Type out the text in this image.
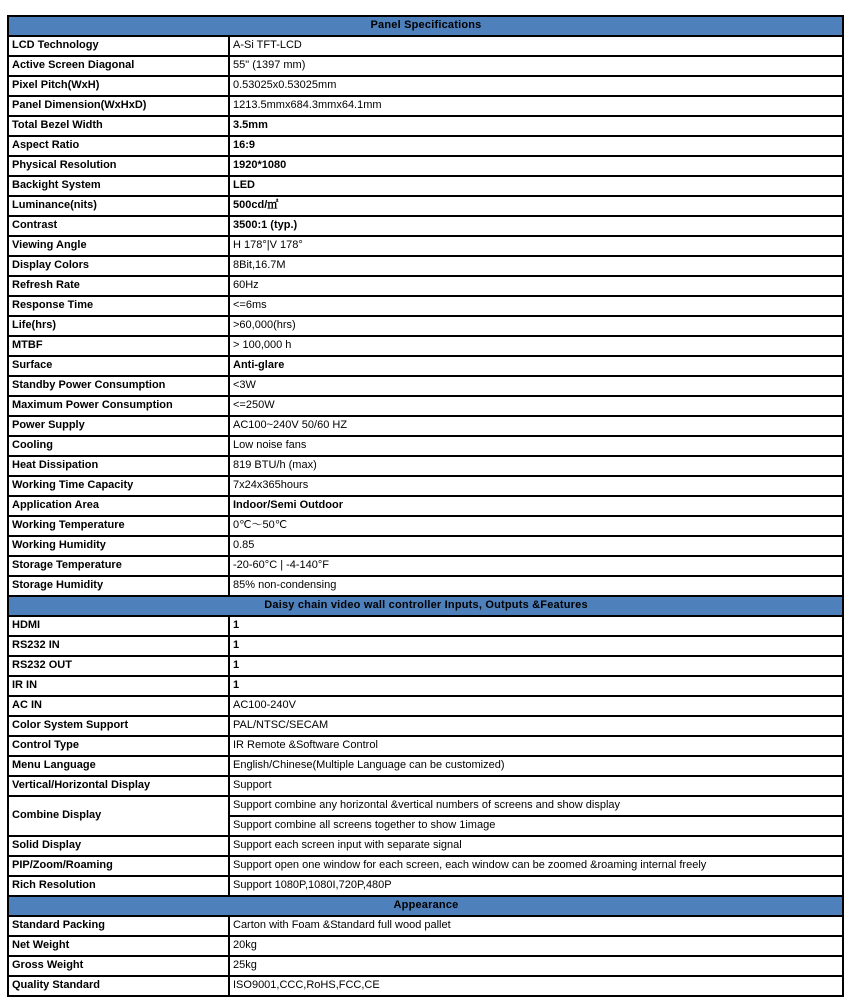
Panel Specifications	
LCD Technology	A-Si TFT-LCD
Active Screen Diagonal	55" (1397 mm)
Pixel Pitch(WxH)	0.53025x0.53025mm
Panel Dimension(WxHxD)	1213.5mmx684.3mmx64.1mm
Total Bezel Width	3.5mm
Aspect Ratio	16:9
Physical Resolution	1920*1080
Backight System	LED
Luminance(nits)	500cd/㎡
Contrast	3500:1 (typ.)
Viewing Angle	H 178°|V 178°
Display Colors	8Bit,16.7M
Refresh Rate	60Hz
Response Time	<=6ms
Life(hrs)	>60,000(hrs)
MTBF	> 100,000 h
Surface	Anti-glare
Standby Power Consumption	<3W
Maximum Power Consumption	<=250W
Power Supply	AC100~240V 50/60 HZ
Cooling	Low noise fans
Heat Dissipation	819 BTU/h (max)
Working Time Capacity	7x24x365hours
Application Area	Indoor/Semi Outdoor
Working Temperature	0℃～50℃
Working Humidity	0.85
Storage Temperature	-20-60°C | -4-140°F
Storage Humidity	85% non-condensing
Daisy chain video wall controller Inputs, Outputs &Features	
HDMI	1
RS232 IN	1
RS232 OUT	1
IR IN	1
AC IN	AC100-240V
Color System Support	PAL/NTSC/SECAM
Control Type	IR Remote &Software Control
Menu Language	English/Chinese(Multiple Language can be customized)
Vertical/Horizontal Display	Support
Combine Display	Support combine any horizontal &vertical numbers of screens and show display
	Support combine all screens together to show 1image
Solid Display	Support each screen input with separate signal
PIP/Zoom/Roaming	Support open one window for each screen, each window can be zoomed &roaming internal freely
Rich Resolution	Support 1080P,1080I,720P,480P
Appearance	
Standard Packing	Carton with Foam &Standard full wood pallet
Net Weight	20kg
Gross Weight	25kg
Quality Standard	ISO9001,CCC,RoHS,FCC,CE
